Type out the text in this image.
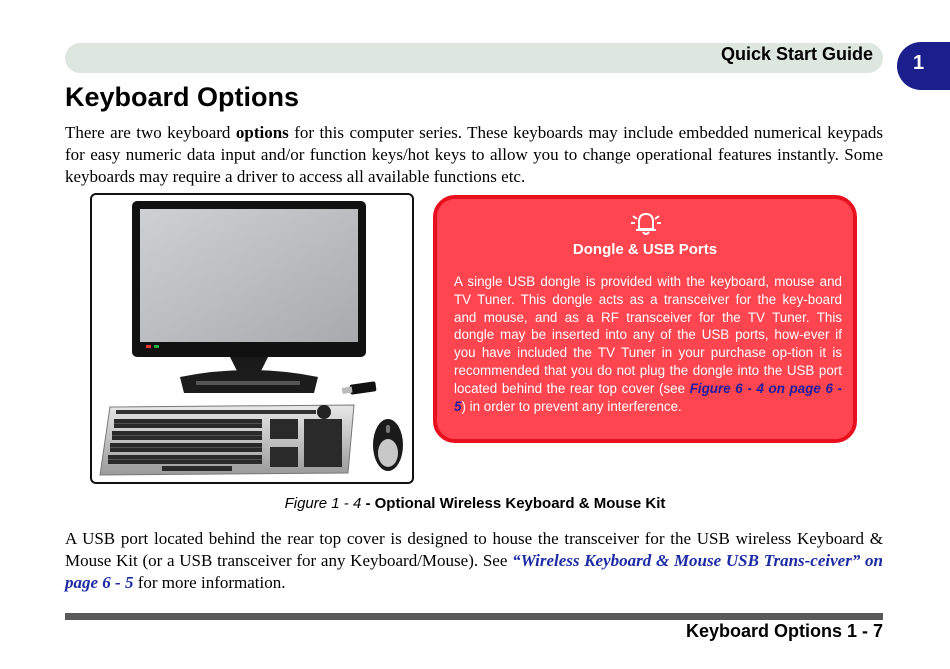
Quick Start Guide 1
Keyboard Options

There are two keyboard options for this computer series. These keyboards may include embedded numerical keypads for easy numeric data input and/or function keys/hot keys to allow you to change operational features instantly. Some keyboards may require a driver to access all available functions etc.

Dongle & USB Ports

A single USB dongle is provided with the keyboard, mouse and TV Tuner. This dongle acts as a transceiver for the key-board and mouse, and as a RF transceiver for the TV Tuner. This dongle may be inserted into any of the USB ports, how-ever if you have included the TV Tuner in your purchase op-tion it is recommended that you do not plug the dongle into the USB port located behind the rear top cover (see Figure 6 - 4 on page 6 - 5) in order to prevent any interference.

Figure 1 - 4 - Optional Wireless Keyboard & Mouse Kit

A USB port located behind the rear top cover is designed to house the transceiver for the USB wireless Keyboard & Mouse Kit (or a USB transceiver for any Keyboard/Mouse). See “Wireless Keyboard & Mouse USB Trans-ceiver” on page 6 - 5 for more information.

Keyboard Options 1 - 7
